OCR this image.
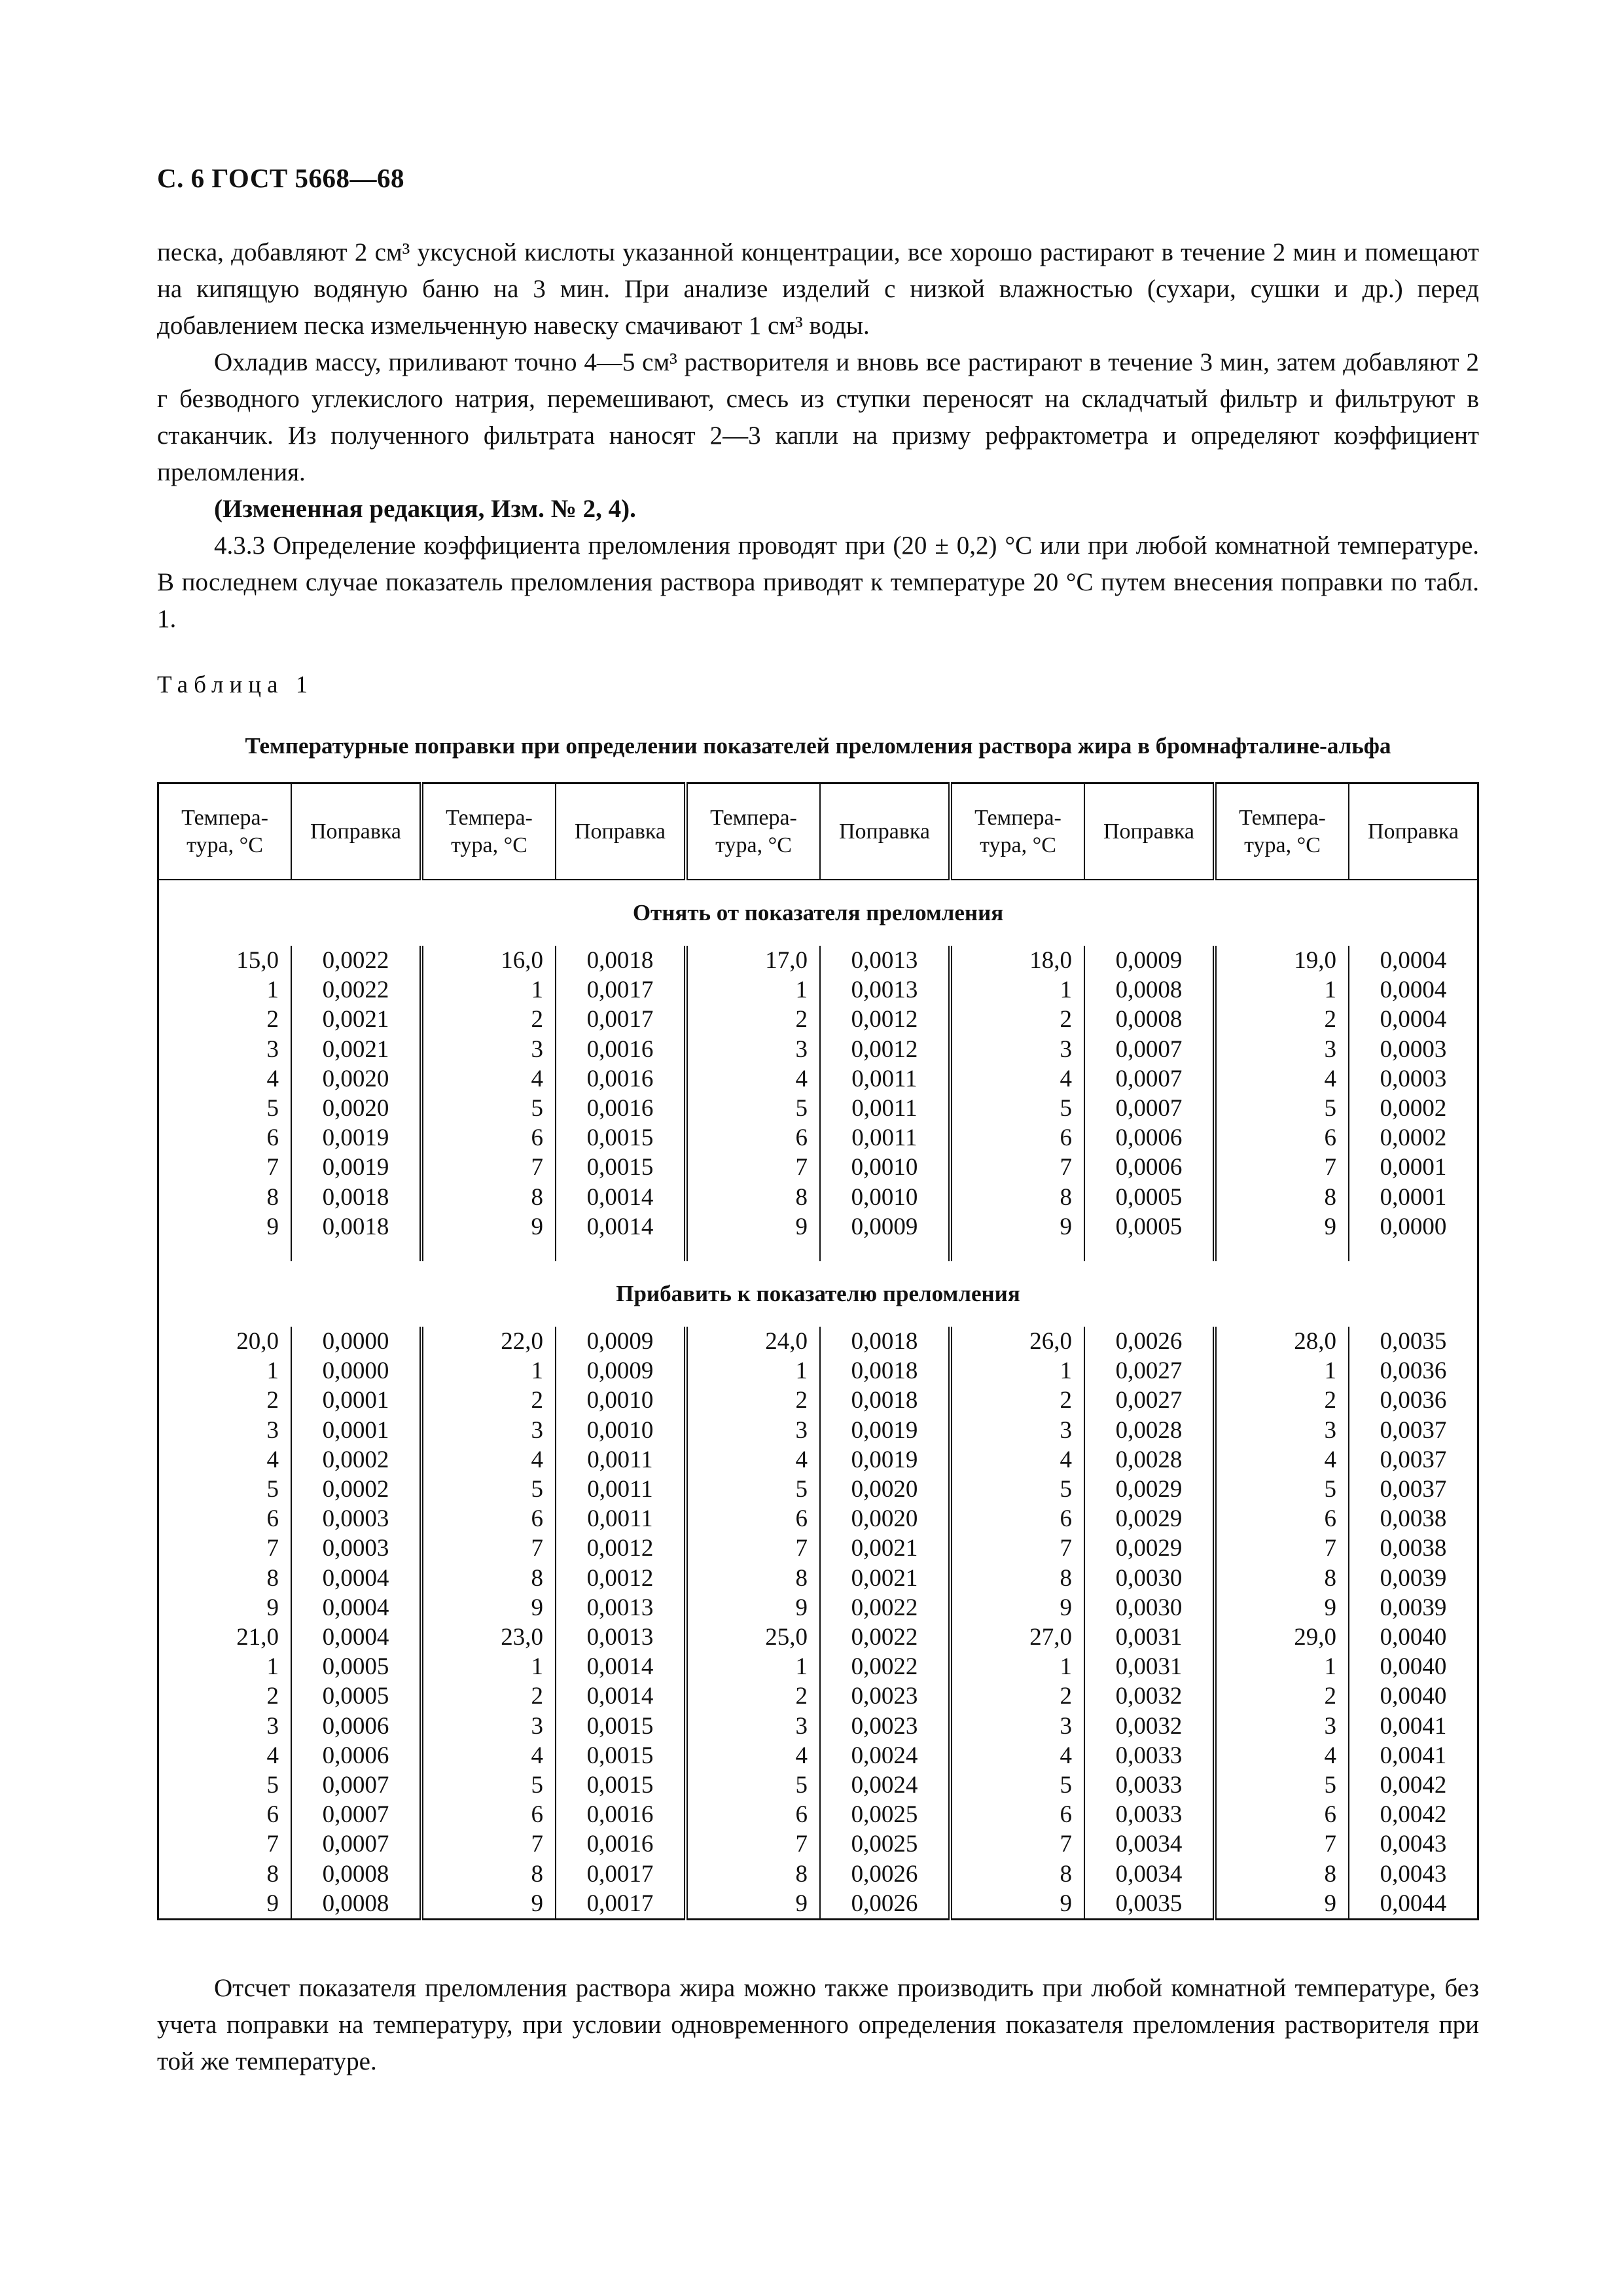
С. 6 ГОСТ 5668—68

песка, добавляют 2 см³ уксусной кислоты указанной концентрации, все хорошо растирают в течение 2 мин и помещают на кипящую водяную баню на 3 мин. При анализе изделий с низкой влажностью (сухари, сушки и др.) перед добавлением песка измельченную навеску смачивают 1 см³ воды.

Охладив массу, приливают точно 4—5 см³ растворителя и вновь все растирают в течение 3 мин, затем добавляют 2 г безводного углекислого натрия, перемешивают, смесь из ступки переносят на складчатый фильтр и фильтруют в стаканчик. Из полученного фильтрата наносят 2—3 капли на призму рефрактометра и определяют коэффициент преломления.

(Измененная редакция, Изм. № 2, 4).

4.3.3 Определение коэффициента преломления проводят при (20 ± 0,2) °С или при любой комнатной температуре. В последнем случае показатель преломления раствора приводят к температуре 20 °С путем внесения поправки по табл. 1.

Таблица 1
Температурные поправки при определении показателей преломления раствора жира в бромнафталине-альфа
Темпера-тура, °С	Поправка	Темпера-тура, °С	Поправка	Темпера-тура, °С	Поправка	Темпера-тура, °С	Поправка	Темпера-тура, °С	Поправка
Отнять от показателя преломления									
15,0	0,0022	16,0	0,0018	17,0	0,0013	18,0	0,0009	19,0	0,0004
1	0,0022	1	0,0017	1	0,0013	1	0,0008	1	0,0004
2	0,0021	2	0,0017	2	0,0012	2	0,0008	2	0,0004
3	0,0021	3	0,0016	3	0,0012	3	0,0007	3	0,0003
4	0,0020	4	0,0016	4	0,0011	4	0,0007	4	0,0003
5	0,0020	5	0,0016	5	0,0011	5	0,0007	5	0,0002
6	0,0019	6	0,0015	6	0,0011	6	0,0006	6	0,0002
7	0,0019	7	0,0015	7	0,0010	7	0,0006	7	0,0001
8	0,0018	8	0,0014	8	0,0010	8	0,0005	8	0,0001
9	0,0018	9	0,0014	9	0,0009	9	0,0005	9	0,0000

Прибавить к показателю преломления									
20,0	0,0000	22,0	0,0009	24,0	0,0018	26,0	0,0026	28,0	0,0035
1	0,0000	1	0,0009	1	0,0018	1	0,0027	1	0,0036
2	0,0001	2	0,0010	2	0,0018	2	0,0027	2	0,0036
3	0,0001	3	0,0010	3	0,0019	3	0,0028	3	0,0037
4	0,0002	4	0,0011	4	0,0019	4	0,0028	4	0,0037
5	0,0002	5	0,0011	5	0,0020	5	0,0029	5	0,0037
6	0,0003	6	0,0011	6	0,0020	6	0,0029	6	0,0038
7	0,0003	7	0,0012	7	0,0021	7	0,0029	7	0,0038
8	0,0004	8	0,0012	8	0,0021	8	0,0030	8	0,0039
9	0,0004	9	0,0013	9	0,0022	9	0,0030	9	0,0039
21,0	0,0004	23,0	0,0013	25,0	0,0022	27,0	0,0031	29,0	0,0040
1	0,0005	1	0,0014	1	0,0022	1	0,0031	1	0,0040
2	0,0005	2	0,0014	2	0,0023	2	0,0032	2	0,0040
3	0,0006	3	0,0015	3	0,0023	3	0,0032	3	0,0041
4	0,0006	4	0,0015	4	0,0024	4	0,0033	4	0,0041
5	0,0007	5	0,0015	5	0,0024	5	0,0033	5	0,0042
6	0,0007	6	0,0016	6	0,0025	6	0,0033	6	0,0042
7	0,0007	7	0,0016	7	0,0025	7	0,0034	7	0,0043
8	0,0008	8	0,0017	8	0,0026	8	0,0034	8	0,0043
9	0,0008	9	0,0017	9	0,0026	9	0,0035	9	0,0044
Отсчет показателя преломления раствора жира можно также производить при любой комнатной температуре, без учета поправки на температуру, при условии одновременного определения показателя преломления растворителя при той же температуре.
